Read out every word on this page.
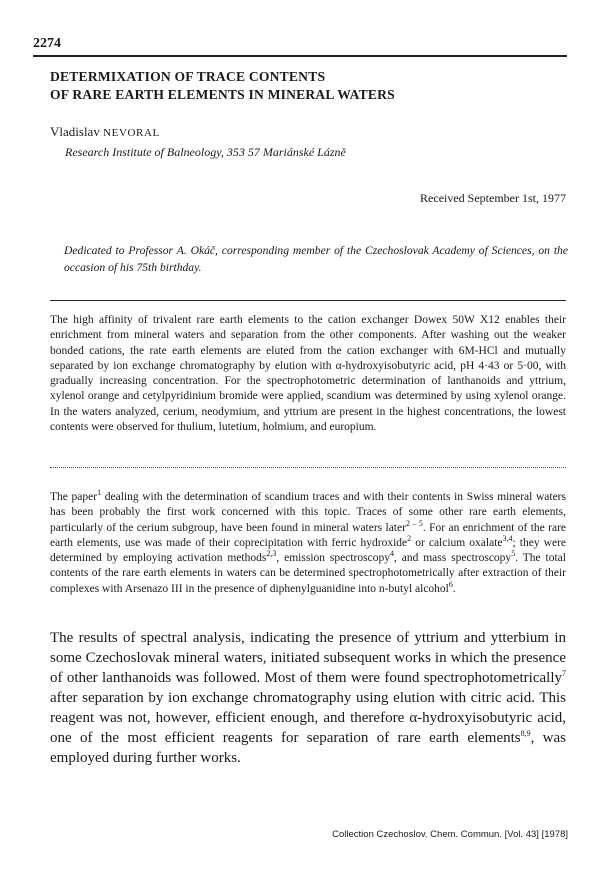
2274
DETERMIXATION OF TRACE CONTENTS
OF RARE EARTH ELEMENTS IN MINERAL WATERS
Vladislav NEVORAL
Research Institute of Balneology, 353 57 Mariánské Lázně
Received September 1st, 1977
Dedicated to Professor A. Okáč, corresponding member of the Czechoslovak Academy of Sciences, on the occasion of his 75th birthday.
The high affinity of trivalent rare earth elements to the cation exchanger Dowex 50W X12 enables their enrichment from mineral waters and separation from the other components. After washing out the weaker bonded cations, the rate earth elements are eluted from the cation exchanger with 6M-HCl and mutually separated by ion exchange chromatography by elution with α-hydroxyisobutyric acid, pH 4·43 or 5·00, with gradually increasing concentration. For the spectrophotometric determination of lanthanoids and yttrium, xylenol orange and cetylpyridinium bromide were applied, scandium was determined by using xylenol orange. In the waters analyzed, cerium, neodymium, and yttrium are present in the highest concentrations, the lowest contents were observed for thulium, lutetium, holmium, and europium.
The paper$^1$ dealing with the determination of scandium traces and with their contents in Swiss mineral waters has been probably the first work concerned with this topic. Traces of some other rare earth elements, particularly of the cerium subgroup, have been found in mineral waters later$^{2 - 5}$. For an enrichment of the rare earth elements, use was made of their coprecipitation with ferric hydroxide$^2$ or calcium oxalate$^{3,4}$; they were determined by employing activation methods$^{2,3}$, emission spectroscopy$^4$, and mass spectroscopy$^5$. The total contents of the rare earth elements in waters can be determined spectrophotometrically after extraction of their complexes with Arsenazo III in the presence of diphenylguanidine into n-butyl alcohol$^6$.
The results of spectral analysis, indicating the presence of yttrium and ytterbium in some Czechoslovak mineral waters, initiated subsequent works in which the presence of other lanthanoids was followed. Most of them were found spectrophotometrically$^7$ after separation by ion exchange chromatography using elution with citric acid. This reagent was not, however, efficient enough, and therefore α-hydroxyisobutyric acid, one of the most efficient reagents for separation of rare earth elements$^{8,9}$, was employed during further works.
Collection Czechoslov. Chem. Commun. [Vol. 43] [1978]
